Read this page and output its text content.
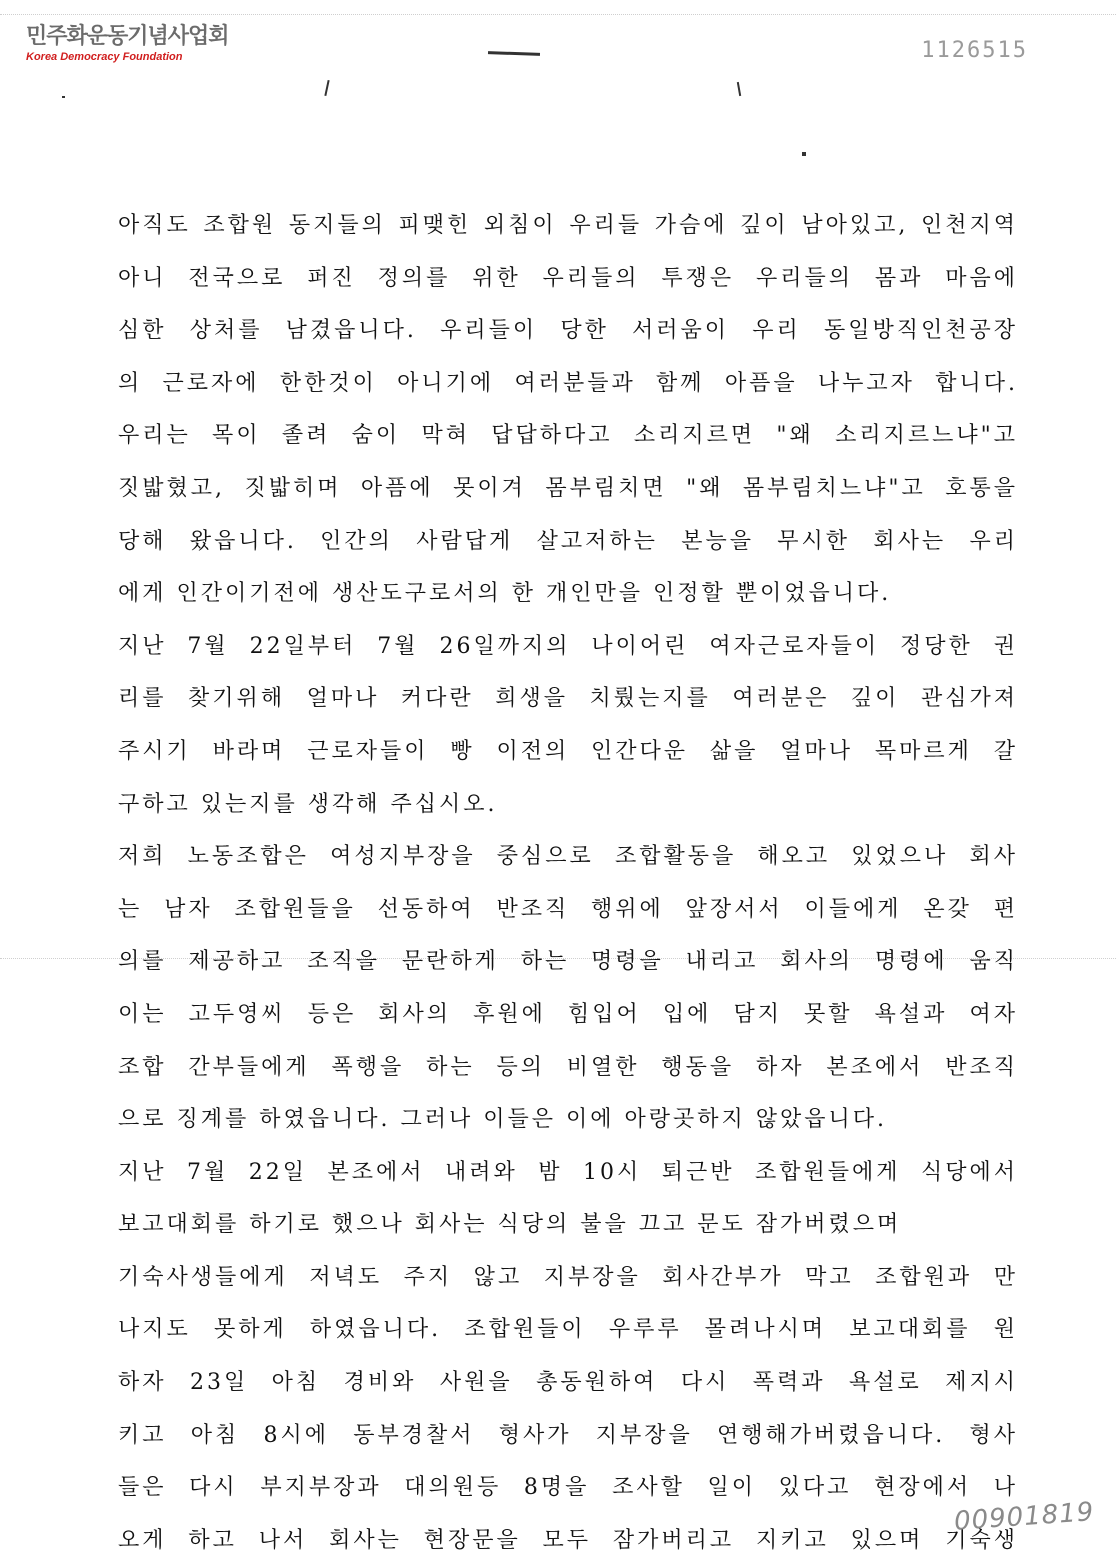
민주화운동기념사업회
Korea Democracy Foundation	1126515
아직도 조합원 동지들의 피맺힌 외침이 우리들 가슴에 깊이 남아있고, 인천지역
아니 전국으로 퍼진 정의를 위한 우리들의 투쟁은 우리들의 몸과 마음에
심한 상처를 남겼읍니다. 우리들이 당한 서러움이 우리 동일방직인천공장
의 근로자에 한한것이 아니기에 여러분들과 함께 아픔을 나누고자 합니다.
우리는 목이 졸려 숨이 막혀 답답하다고 소리지르면 "왜 소리지르느냐"고
짓밟혔고, 짓밟히며 아픔에 못이겨 몸부림치면 "왜 몸부림치느냐"고 호통을
당해 왔읍니다. 인간의 사람답게 살고저하는 본능을 무시한 회사는 우리
에게 인간이기전에 생산도구로서의 한 개인만을 인정할 뿐이었읍니다.
지난 7월 22일부터 7월 26일까지의 나이어린 여자근로자들이 정당한 권
리를 찾기위해 얼마나 커다란 희생을 치뤘는지를 여러분은 깊이 관심가져
주시기 바라며 근로자들이 빵 이전의 인간다운 삶을 얼마나 목마르게 갈
구하고 있는지를 생각해 주십시오.
저희 노동조합은 여성지부장을 중심으로 조합활동을 해오고 있었으나 회사
는 남자 조합원들을 선동하여 반조직 행위에 앞장서서 이들에게 온갖 편
의를 제공하고 조직을 문란하게 하는 명령을 내리고 회사의 명령에 움직
이는 고두영씨 등은 회사의 후원에 힘입어 입에 담지 못할 욕설과 여자
조합 간부들에게 폭행을 하는 등의 비열한 행동을 하자 본조에서 반조직
으로 징계를 하였읍니다. 그러나 이들은 이에 아랑곳하지 않았읍니다.
지난 7월 22일 본조에서 내려와 밤 10시 퇴근반 조합원들에게 식당에서
보고대회를 하기로 했으나 회사는 식당의 불을 끄고 문도 잠가버렸으며
기숙사생들에게 저녁도 주지 않고 지부장을 회사간부가 막고 조합원과 만
나지도 못하게 하였읍니다. 조합원들이 우루루 몰려나시며 보고대회를 원
하자 23일 아침 경비와 사원을 총동원하여 다시 폭력과 욕설로 제지시
키고 아침 8시에 동부경찰서 형사가 지부장을 연행해가버렸읍니다. 형사
들은 다시 부지부장과 대의원등 8명을 조사할 일이 있다고 현장에서 나
오게 하고 나서 회사는 현장문을 모두 잠가버리고 지키고 있으며 기숙생
00901819
